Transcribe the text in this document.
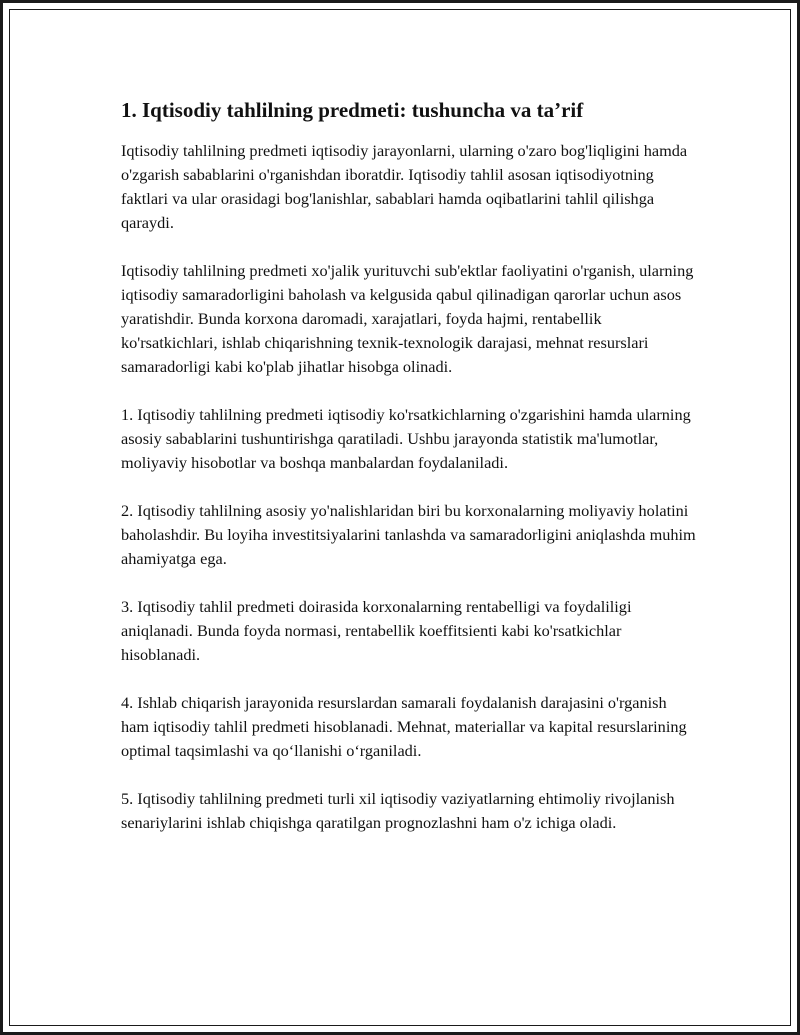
1. Iqtisodiy tahlilning predmeti: tushuncha va ta’rif

Iqtisodiy tahlilning predmeti iqtisodiy jarayonlarni, ularning o'zaro bog'liqligini hamda o'zgarish sabablarini o'rganishdan iboratdir. Iqtisodiy tahlil asosan iqtisodiyotning faktlari va ular orasidagi bog'lanishlar, sabablari hamda oqibatlarini tahlil qilishga qaraydi.

Iqtisodiy tahlilning predmeti xo'jalik yurituvchi sub'ektlar faoliyatini o'rganish, ularning iqtisodiy samaradorligini baholash va kelgusida qabul qilinadigan qarorlar uchun asos yaratishdir. Bunda korxona daromadi, xarajatlari, foyda hajmi, rentabellik ko'rsatkichlari, ishlab chiqarishning texnik-texnologik darajasi, mehnat resurslari samaradorligi kabi ko'plab jihatlar hisobga olinadi.

1. Iqtisodiy tahlilning predmeti iqtisodiy ko'rsatkichlarning o'zgarishini hamda ularning asosiy sabablarini tushuntirishga qaratiladi. Ushbu jarayonda statistik ma'lumotlar, moliyaviy hisobotlar va boshqa manbalardan foydalaniladi.

2. Iqtisodiy tahlilning asosiy yo'nalishlaridan biri bu korxonalarning moliyaviy holatini baholashdir. Bu loyiha investitsiyalarini tanlashda va samaradorligini aniqlashda muhim ahamiyatga ega.

3. Iqtisodiy tahlil predmeti doirasida korxonalarning rentabelligi va foydaliligi aniqlanadi. Bunda foyda normasi, rentabellik koeffitsienti kabi ko'rsatkichlar hisoblanadi.

4. Ishlab chiqarish jarayonida resurslardan samarali foydalanish darajasini o'rganish ham iqtisodiy tahlil predmeti hisoblanadi. Mehnat, materiallar va kapital resurslarining optimal taqsimlashi va qo‘llanishi o‘rganiladi.

5. Iqtisodiy tahlilning predmeti turli xil iqtisodiy vaziyatlarning ehtimoliy rivojlanish senariylarini ishlab chiqishga qaratilgan prognozlashni ham o'z ichiga oladi.
